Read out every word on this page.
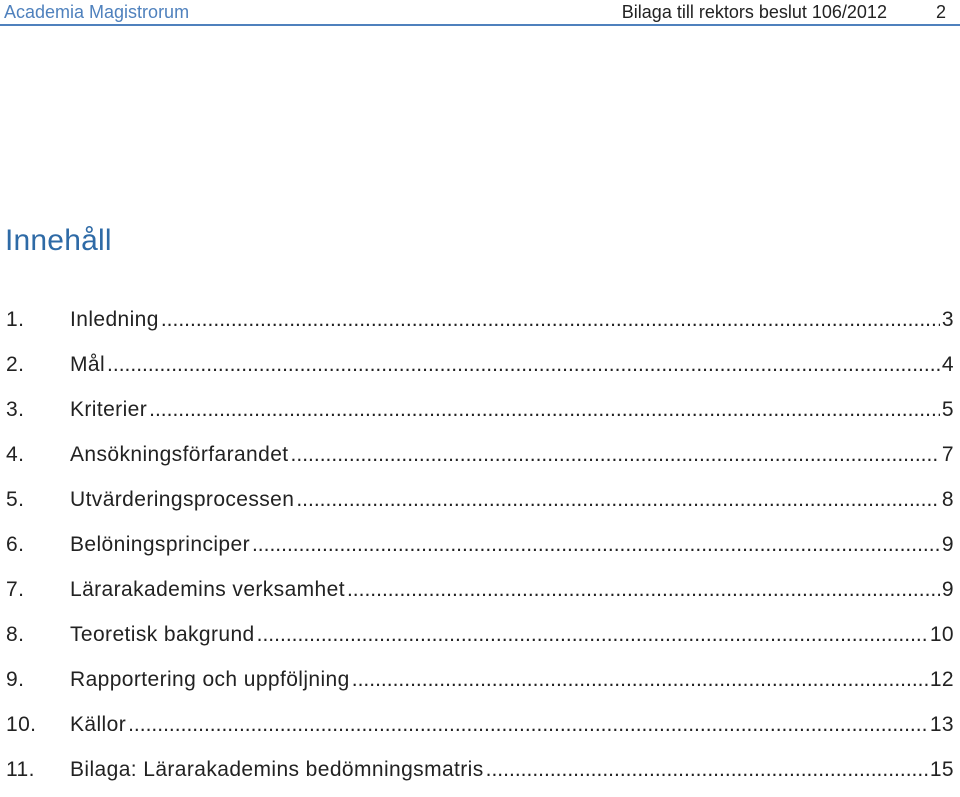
Academia Magistrorum	Bilaga till rektors beslut 106/2012	2
Innehåll
1.	Inledning .....	3
2.	Mål .....	4
3.	Kriterier .....	5
4.	Ansökningsförfarandet .....	7
5.	Utvärderingsprocessen .....	8
6.	Belöningsprinciper .....	9
7.	Lärarakademins verksamhet .....	9
8.	Teoretisk bakgrund .....	10
9.	Rapportering och uppföljning .....	12
10.	Källor .....	13
11.	Bilaga: Lärarakademins bedömningsmatris .....	15
